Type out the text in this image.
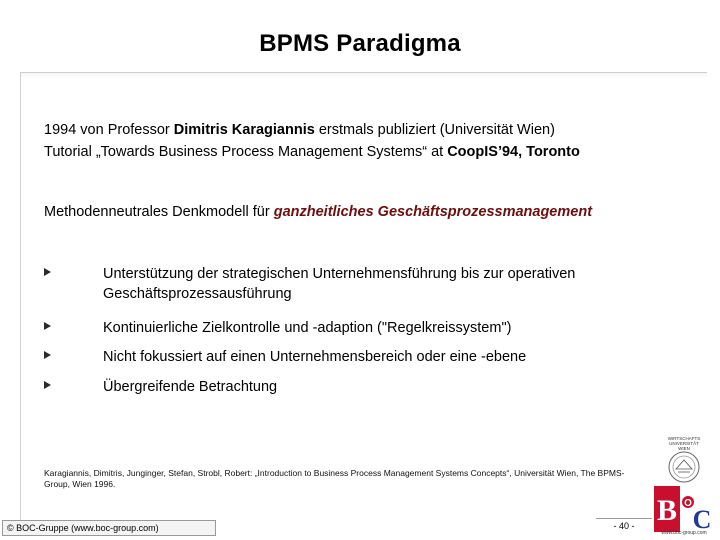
BPMS Paradigma
1994 von Professor Dimitris Karagiannis erstmals publiziert (Universität Wien)
Tutorial „Towards Business Process Management Systems“ at CoopIS’94, Toronto
Methodenneutrales Denkmodell für ganzheitliches Geschäftsprozessmanagement
Unterstützung der strategischen Unternehmensführung bis zur operativen Geschäftsprozessausführung
Kontinuierliche Zielkontrolle und -adaption ("Regelkreissystem")
Nicht fokussiert auf einen Unternehmensbereich oder eine -ebene
Übergreifende Betrachtung
Karagiannis, Dimitris, Junginger, Stefan, Strobl, Robert: „Introduction to Business Process Management Systems Concepts“, Universität Wien, The BPMS-Group, Wien 1996.
WIRTSCHAFTS
UNIVERSITÄT
WIEN
B O
C
www.boc-group.com
© BOC-Gruppe (www.boc-group.com)	- 40 -
